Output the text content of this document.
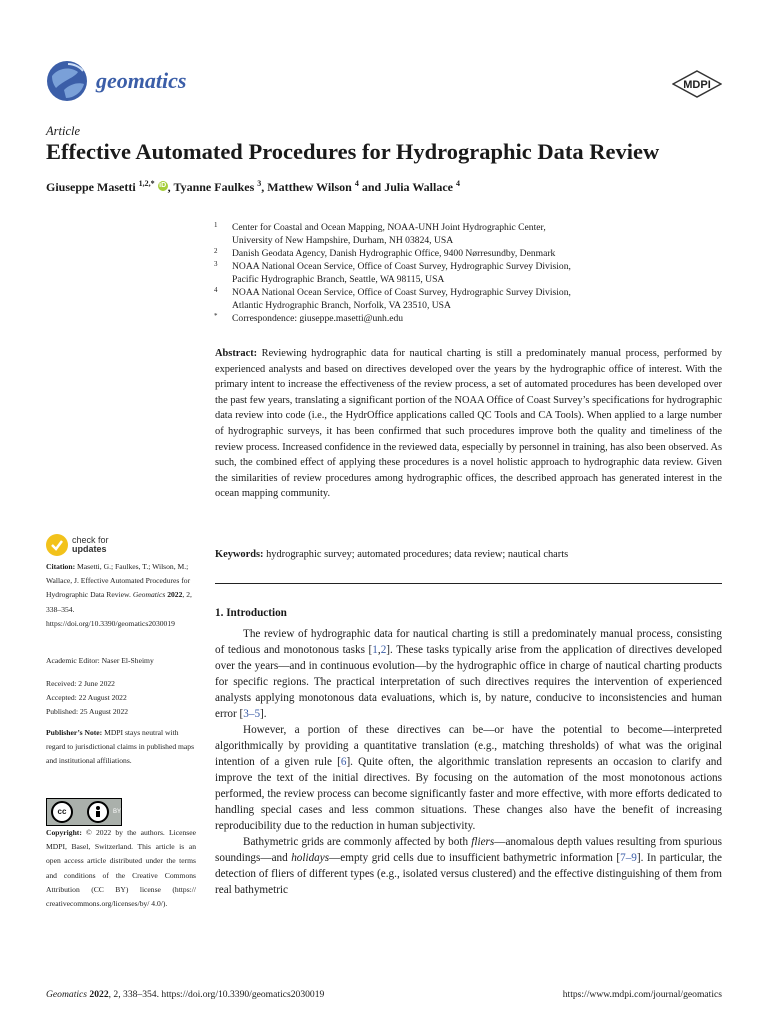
geomatics	MDPI
Article
Effective Automated Procedures for Hydrographic Data Review
Giuseppe Masetti $^{1,2,*}$ iD , Tyanne Faulkes $^3$, Matthew Wilson $^4$ and Julia Wallace $^4$
1 Center for Coastal and Ocean Mapping, NOAA-UNH Joint Hydrographic Center,
University of New Hampshire, Durham, NH 03824, USA
2 Danish Geodata Agency, Danish Hydrographic Office, 9400 Nørresundby, Denmark
3 NOAA National Ocean Service, Office of Coast Survey, Hydrographic Survey Division,
Pacific Hydrographic Branch, Seattle, WA 98115, USA
4 NOAA National Ocean Service, Office of Coast Survey, Hydrographic Survey Division,
Atlantic Hydrographic Branch, Norfolk, VA 23510, USA
* Correspondence: giuseppe.masetti@unh.edu
Abstract: Reviewing hydrographic data for nautical charting is still a predominately manual process, performed by experienced analysts and based on directives developed over the years by the hydrographic office of interest. With the primary intent to increase the effectiveness of the review process, a set of automated procedures has been developed over the past few years, translating a significant portion of the NOAA Office of Coast Survey’s specifications for hydrographic data review into code (i.e., the HydrOffice applications called QC Tools and CA Tools). When applied to a large number of hydrographic surveys, it has been confirmed that such procedures improve both the quality and timeliness of the review process. Increased confidence in the reviewed data, especially by personnel in training, has also been observed. As such, the combined effect of applying these procedures is a novel holistic approach to hydrographic data review. Given the similarities of review procedures among hydrographic offices, the described approach has generated interest in the ocean mapping community.
Keywords: hydrographic survey; automated procedures; data review; nautical charts
1. Introduction

The review of hydrographic data for nautical charting is still a predominately manual process, consisting of tedious and monotonous tasks [1,2]. These tasks typically arise from the application of directives developed over the years—and in continuous evolution—by the hydrographic office in charge of nautical charting products for specific regions. The practical interpretation of such directives requires the intervention of experienced analysts applying monotonous data evaluations, which is, by nature, conducive to inconsistencies and human error [3–5].

However, a portion of these directives can be—or have the potential to become—interpreted algorithmically by providing a quantitative translation (e.g., matching thresholds) of what was the original intention of a given rule [6]. Quite often, the algorithmic translation represents an occasion to clarify and improve the text of the initial directives. By focusing on the automation of the most monotonous actions performed, the review process can become significantly faster and more effective, with more efforts dedicated to handling special cases and less common situations. These changes also have the benefit of increasing reproducibility due to the reduction in human subjectivity.

Bathymetric grids are commonly affected by both fliers—anomalous depth values resulting from spurious soundings—and holidays—empty grid cells due to insufficient bathymetric information [7–9]. In particular, the detection of fliers of different types (e.g., isolated versus clustered) and the effective distinguishing of them from real bathymetric

check for
updates
Citation: Masetti, G.; Faulkes, T.; Wilson, M.; Wallace, J. Effective Automated Procedures for Hydrographic Data Review. Geomatics 2022, 2, 338–354. https://doi.org/10.3390/geomatics2030019
Academic Editor: Naser El-Sheimy
Received: 2 June 2022
Accepted: 22 August 2022
Published: 25 August 2022
Publisher’s Note: MDPI stays neutral with regard to jurisdictional claims in published maps and institutional affiliations.
cc	BY
Copyright: © 2022 by the authors. Licensee MDPI, Basel, Switzerland. This article is an open access article distributed under the terms and conditions of the Creative Commons Attribution (CC BY) license (https:// creativecommons.org/licenses/by/ 4.0/).
Geomatics 2022, 2, 338–354. https://doi.org/10.3390/geomatics2030019	https://www.mdpi.com/journal/geomatics
